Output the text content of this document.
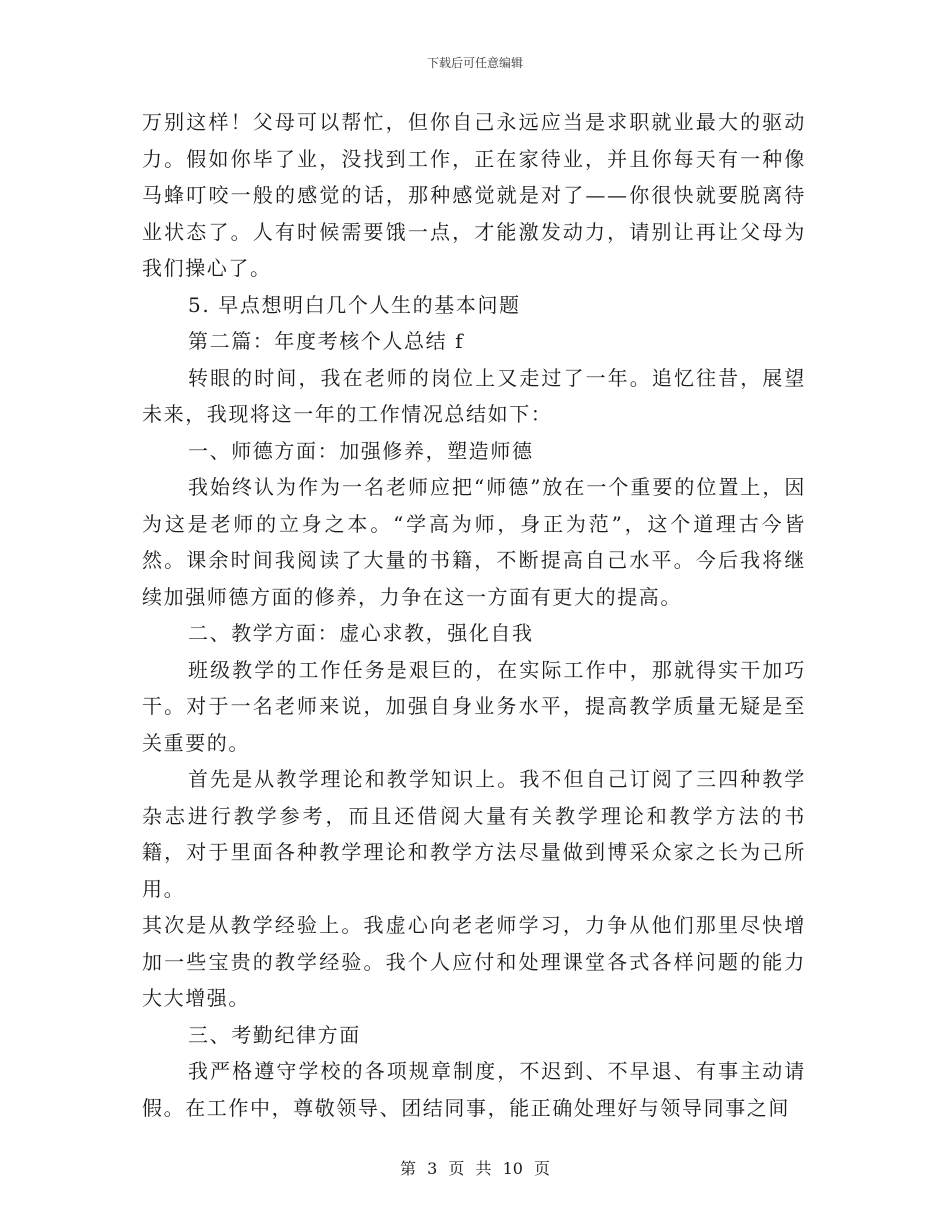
下载后可任意编辑

万别这样！父母可以帮忙，但你自己永远应当是求职就业最大的驱动力。假如你毕了业，没找到工作，正在家待业，并且你每天有一种像马蜂叮咬一般的感觉的话，那种感觉就是对了——你很快就要脱离待业状态了。人有时候需要饿一点，才能激发动力，请别让再让父母为我们操心了。

5. 早点想明白几个人生的基本问题

第二篇：年度考核个人总结 f

转眼的时间，我在老师的岗位上又走过了一年。追忆往昔，展望未来，我现将这一年的工作情况总结如下：

一、师德方面：加强修养，塑造师德

我始终认为作为一名老师应把“师德”放在一个重要的位置上，因为这是老师的立身之本。“学高为师，身正为范”，这个道理古今皆然。课余时间我阅读了大量的书籍，不断提高自己水平。今后我将继续加强师德方面的修养，力争在这一方面有更大的提高。

二、教学方面：虚心求教，强化自我

班级教学的工作任务是艰巨的，在实际工作中，那就得实干加巧干。对于一名老师来说，加强自身业务水平，提高教学质量无疑是至关重要的。

首先是从教学理论和教学知识上。我不但自己订阅了三四种教学杂志进行教学参考，而且还借阅大量有关教学理论和教学方法的书籍，对于里面各种教学理论和教学方法尽量做到博采众家之长为己所用。

其次是从教学经验上。我虚心向老老师学习，力争从他们那里尽快增加一些宝贵的教学经验。我个人应付和处理课堂各式各样问题的能力大大增强。

三、考勤纪律方面

我严格遵守学校的各项规章制度，不迟到、不早退、有事主动请假。在工作中，尊敬领导、团结同事，能正确处理好与领导同事之间

第 3 页 共 10 页
